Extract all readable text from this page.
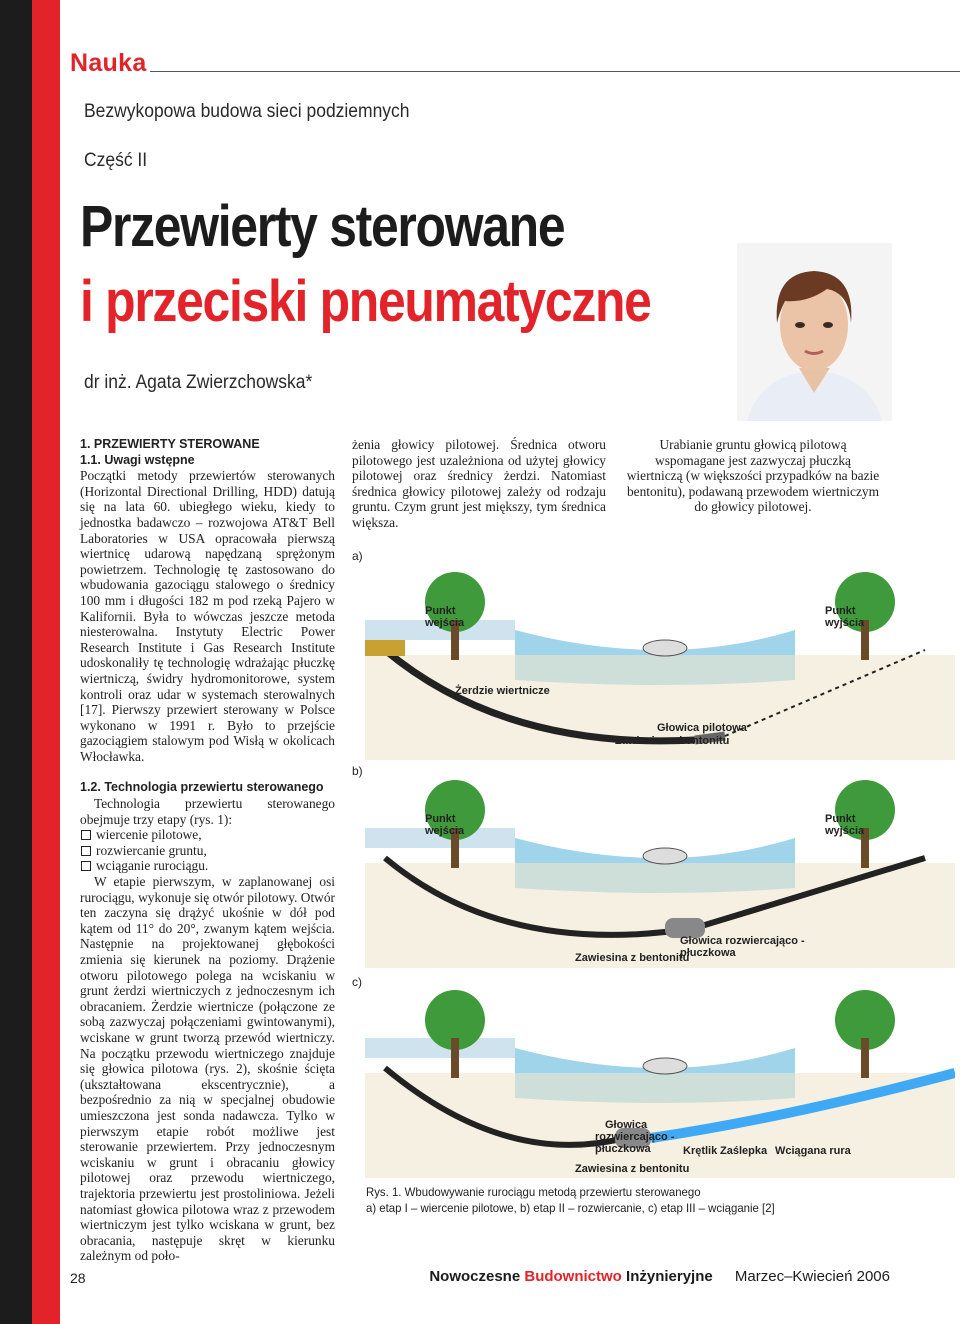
Nauka
Bezwykopowa budowa sieci podziemnych
Część II
Przewierty sterowane
i przeciski pneumatyczne
dr inż. Agata Zwierzchowska*

1. PRZEWIERTY STEROWANE

1.1. Uwagi wstępne

Początki metody przewiertów sterowanych (Horizontal Directional Drilling, HDD) datują się na lata 60. ubiegłego wieku, kiedy to jednostka badawczo – rozwojowa AT&T Bell Laboratories w USA opracowała pierwszą wiertnicę udarową napędzaną sprężonym powietrzem. Technologię tę zastosowano do wbudowania gazociągu stalowego o średnicy 100 mm i długości 182 m pod rzeką Pajero w Kalifornii. Była to wówczas jeszcze metoda niesterowalna. Instytuty Electric Power Research Institute i Gas Research Institute udoskonaliły tę technologię wdrażając płuczkę wiertniczą, świdry hydromonitorowe, system kontroli oraz udar w systemach sterowalnych [17]. Pierwszy przewiert sterowany w Polsce wykonano w 1991 r. Było to przejście gazociągiem stalowym pod Wisłą w okolicach Włocławka.

1.2. Technologia przewiertu sterowanego

Technologia przewiertu sterowanego obejmuje trzy etapy (rys. 1):

wiercenie pilotowe,

rozwiercanie gruntu,

wciąganie rurociągu.

W etapie pierwszym, w zaplanowanej osi rurociągu, wykonuje się otwór pilotowy. Otwór ten zaczyna się drążyć ukośnie w dół pod kątem od 11° do 20°, zwanym kątem wejścia. Następnie na projektowanej głębokości zmienia się kierunek na poziomy. Drążenie otworu pilotowego polega na wciskaniu w grunt żerdzi wiertniczych z jednoczesnym ich obracaniem. Żerdzie wiertnicze (połączone ze sobą zazwyczaj połączeniami gwintowanymi), wciskane w grunt tworzą przewód wiertniczy. Na początku przewodu wiertniczego znajduje się głowica pilotowa (rys. 2), skośnie ścięta (ukształtowana ekscentrycznie), a bezpośrednio za nią w specjalnej obudowie umieszczona jest sonda nadawcza. Tylko w pierwszym etapie robót możliwe jest sterowanie przewiertem. Przy jednoczesnym wciskaniu w grunt i obracaniu głowicy pilotowej oraz przewodu wiertniczego, trajektoria przewiertu jest prostoliniowa. Jeżeli natomiast głowica pilotowa wraz z przewodem wiertniczym jest tylko wciskana w grunt, bez obracania, następuje skręt w kierunku zależnym od poło-

żenia głowicy pilotowej. Średnica otworu pilotowego jest uzależniona od użytej głowicy pilotowej oraz średnicy żerdzi. Natomiast średnica głowicy pilotowej zależy od rodzaju gruntu. Czym grunt jest miększy, tym średnica większa.

Urabianie gruntu głowicą pilotową wspomagane jest zazwyczaj płuczką wiertniczą (w większości przypadków na bazie bentonitu), podawaną przewodem wiertniczym do głowicy pilotowej.

a)
b)
c)
Punkt wejścia
Punkt wyjścia
Żerdzie wiertnicze
Głowica pilotowa
Zawiesina z bentonitu
Punkt wejścia
Punkt wyjścia
Głowica rozwiercająco -płuczkowa
Zawiesina z bentonitu
Krętlik Zaślepka Wciągana rura
Głowica rozwiercająco -płuczkowa
Zawiesina z bentonitu
Rys. 1. Wbudowywanie rurociągu metodą przewiertu sterowanego
a) etap I – wiercenie pilotowe, b) etap II – rozwiercanie, c) etap III – wciąganie [2]
28	Nowoczesne Budownictwo Inżynieryjne Marzec–Kwiecień 2006
